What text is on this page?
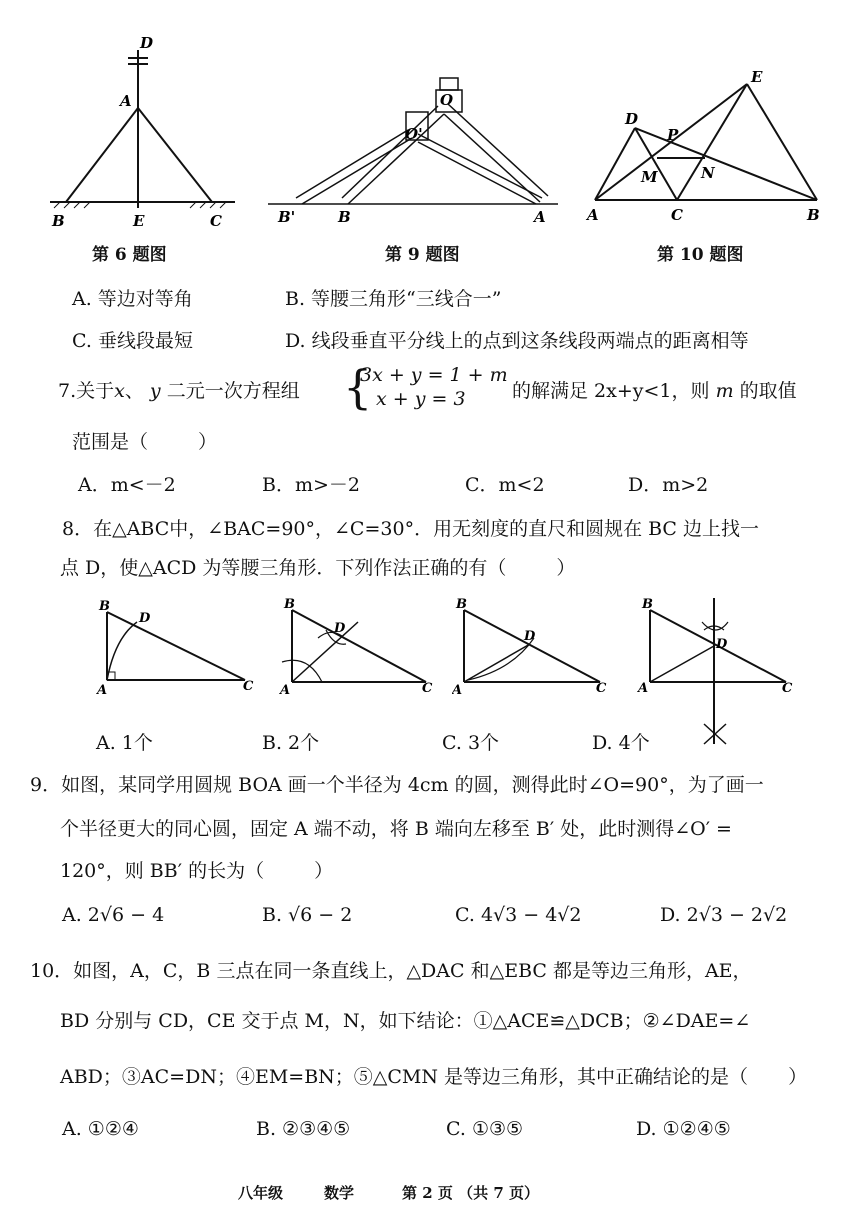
D
A
B	E	C
第 6 题图
O
O'
B'	B	A
第 9 题图
E
D
P
M	N
A	C	B
第 10 题图
A. 等边对等角	B. 等腰三角形“三线合一”
C. 垂线段最短	D. 线段垂直平分线上的点到这条线段两端点的距离相等
7.关于x、 y 二元一次方程组 {
3x + y = 1 + m
x + y = 3 的解满足 2x+y<1，则 m 的取值
范围是（	）
A．m<－2	B．m>－2	C．m<2	D．m>2
8．在△ABC中，∠BAC=90°，∠C=30°．用无刻度的直尺和圆规在 BC 边上找一
点 D，使△ACD 为等腰三角形．下列作法正确的有（	）
B
D
A	C
B
D
A	C
B
D
A	C
B
D
A	C
A. 1个	B. 2个	C. 3个	D. 4个
9．如图，某同学用圆规 BOA 画一个半径为 4cm 的圆，测得此时∠O=90°，为了画一
个半径更大的同心圆，固定 A 端不动，将 B 端向左移至 B′ 处，此时测得∠O′ =
120°，则 BB′ 的长为（	）
A. 2√6 − 4	B. √6 − 2	C. 4√3 − 4√2	D. 2√3 − 2√2
10．如图，A，C，B 三点在同一条直线上，△DAC 和△EBC 都是等边三角形，AE，
BD 分别与 CD，CE 交于点 M，N，如下结论：①△ACE≌△DCB；②∠DAE=∠
ABD；③AC=DN；④EM=BN；⑤△CMN 是等边三角形，其中正确结论的是（ ）
A. ①②④	B. ②③④⑤	C. ①③⑤	D. ①②④⑤
八年级	数学	第 2 页 （共 7 页）
